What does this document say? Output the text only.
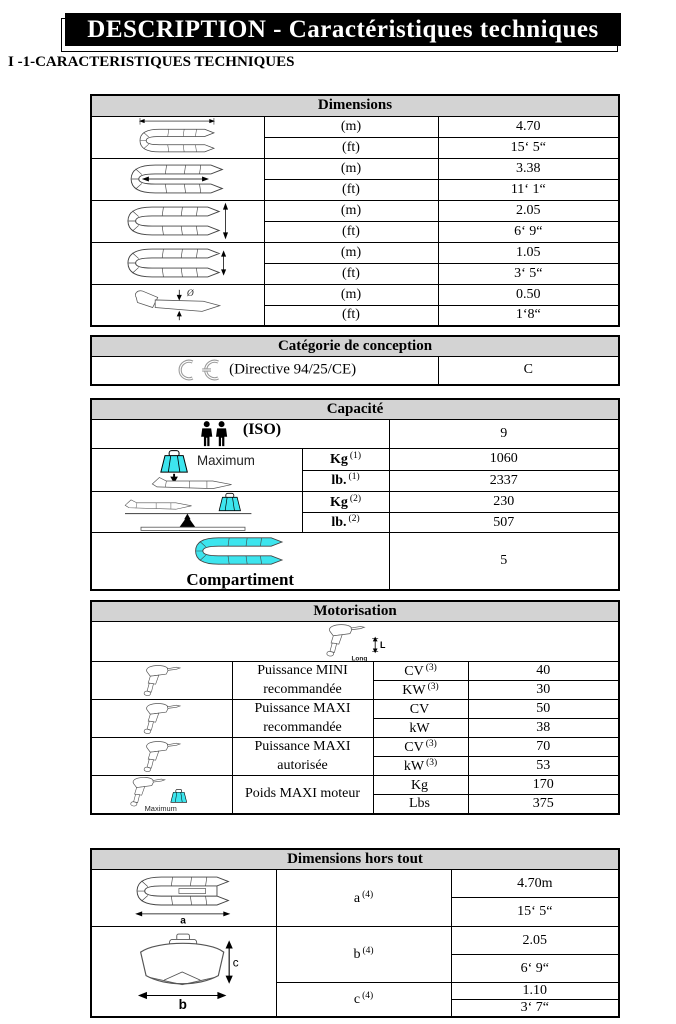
DESCRIPTION - Caractéristiques techniques
I -1-CARACTERISTIQUES TECHNIQUES
Dimensions		

	(m)	4.70
	(ft)	15‘ 5“

	(m)	3.38
	(ft)	11‘ 1“

	(m)	2.05
	(ft)	6‘ 9“

	(m)	1.05
	(ft)	3‘ 5“

Ø	(m)	0.50
	(ft)	1‘8“
Catégorie de conception
(Directive 94/25/CE)	C
Capacité		
(ISO)		9

Maximum	Kg $^{(1)}$	1060
	lb. $^{(1)}$	2337

	Kg $^{(2)}$	230
	lb. $^{(2)}$	507

Compartiment		5
Motorisation			

L
Long			

Puissance MINI
recommandée	CV $^{(3)}$	40
		KW $^{(3)}$	30

Puissance MAXI
recommandée	CV	50
		kW	38

Puissance MAXI
autorisée	CV $^{(3)}$	70
		kW $^{(3)}$	53

Maximum	Poids MAXI moteur	Kg	170
		Lbs	375
Dimensions hors tout		

a	a $^{(4)}$	4.70m
		15‘ 5“

c
b	b $^{(4)}$	2.05
		6‘ 9“
	c $^{(4)}$	1.10
		3‘ 7“
